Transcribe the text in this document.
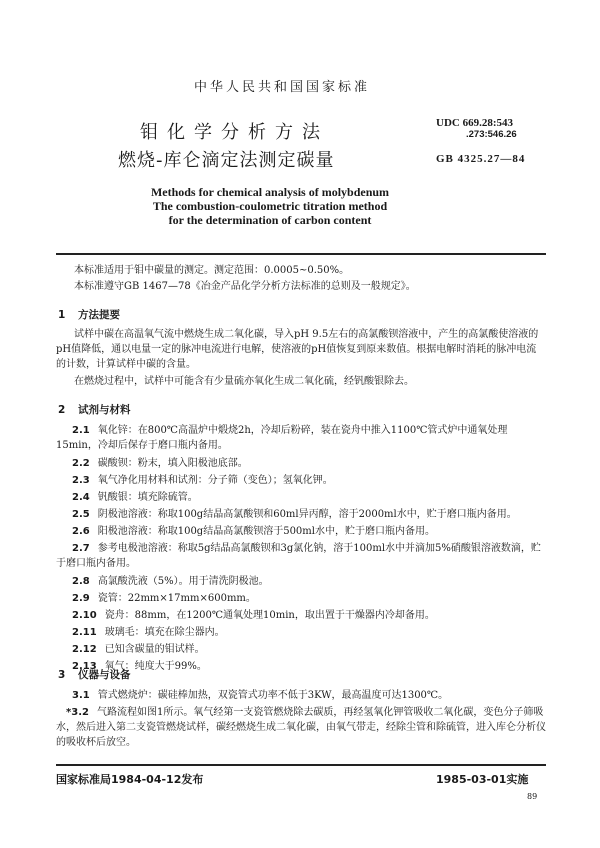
中华人民共和国国家标准
钼化学分析方法
燃烧-库仑滴定法测定碳量
UDC 669.28:543
.273:546.26
GB 4325.27—84
Methods for chemical analysis of molybdenum
The combustion-coulometric titration method
for the determination of carbon content
本标准适用于钼中碳量的测定。测定范围：0.0005~0.50%。
本标准遵守GB 1467—78《冶金产品化学分析方法标准的总则及一般规定》。
1 方法提要
试样中碳在高温氧气流中燃烧生成二氧化碳，导入pH 9.5左右的高氯酸钡溶液中，产生的高氯酸使溶液的pH值降低，通以电量一定的脉冲电流进行电解，使溶液的pH值恢复到原来数值。根据电解时消耗的脉冲电流的计数，计算试样中碳的含量。
在燃烧过程中，试样中可能含有少量硫亦氧化生成二氧化硫，经钒酸银除去。
2 试剂与材料
2.1 氧化锌：在800℃高温炉中煅烧2h，冷却后粉碎，装在瓷舟中推入1100℃管式炉中通氧处理15min，冷却后保存于磨口瓶内备用。
2.2 碳酸钡：粉末，填入阳极池底部。
2.3 氧气净化用材料和试剂：分子筛（变色）；氢氧化钾。
2.4 钒酸银：填充除硫管。
2.5 阴极池溶液：称取100g结晶高氯酸钡和60ml异丙醇，溶于2000ml水中，贮于磨口瓶内备用。
2.6 阳极池溶液：称取100g结晶高氯酸钡溶于500ml水中，贮于磨口瓶内备用。
2.7 参考电极池溶液：称取5g结晶高氯酸钡和3g氯化钠，溶于100ml水中并滴加5%硝酸银溶液数滴，贮于磨口瓶内备用。
2.8 高氯酸洗液（5%）。用于清洗阴极池。
2.9 瓷管：22mm×17mm×600mm。
2.10 瓷舟：88mm，在1200℃通氧处理10min，取出置于干燥器内冷却备用。
2.11 玻璃毛：填充在除尘器内。
2.12 已知含碳量的钼试样。
2.13 氧气：纯度大于99%。
3 仪器与设备
3.1 管式燃烧炉：碳硅棒加热，双瓷管式功率不低于3KW，最高温度可达1300℃。
*3.2 气路流程如图1所示。氧气经第一支瓷管燃烧除去碳质，再经氢氧化钾管吸收二氧化碳，变色分子筛吸水，然后进入第二支瓷管燃烧试样，碳经燃烧生成二氧化碳，由氧气带走，经除尘管和除硫管，进入库仑分析仪的吸收杯后放空。
国家标准局1984-04-12发布	1985-03-01实施
89
